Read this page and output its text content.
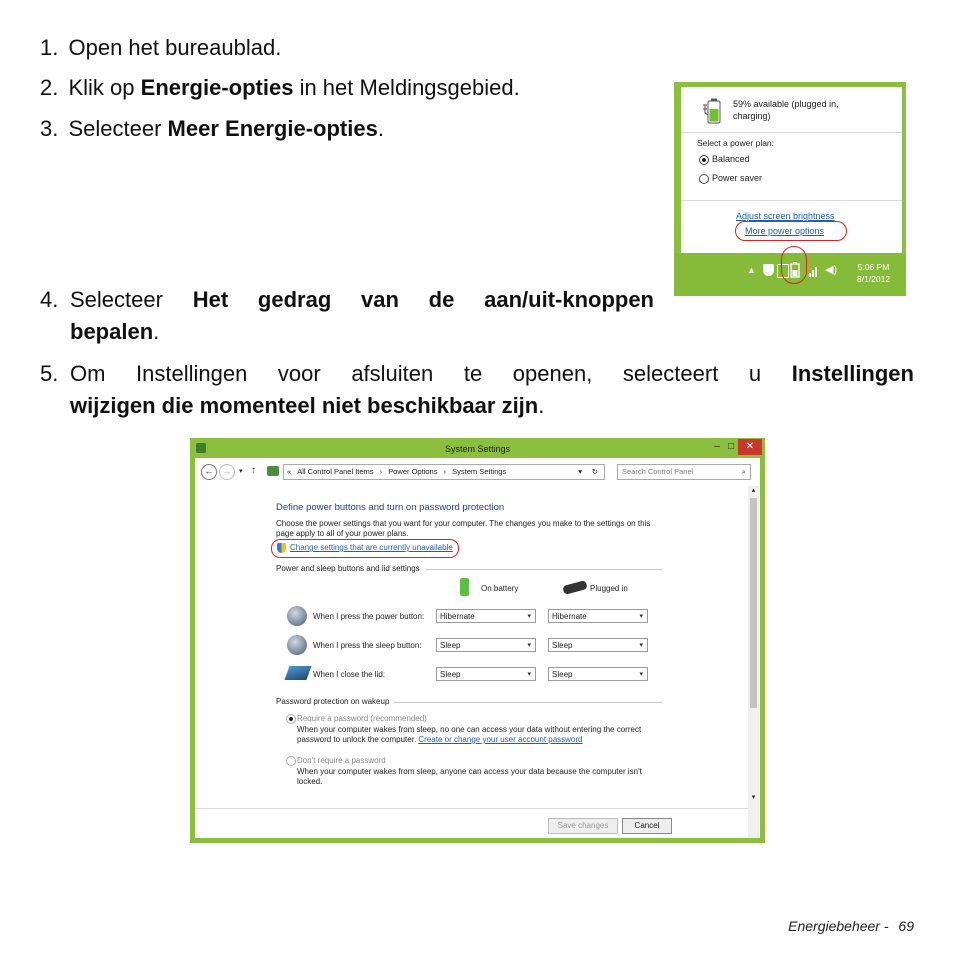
1. Open het bureaublad.
2. Klik op Energie-opties in het Meldingsgebied.
3. Selecteer Meer Energie-opties.
4. Selecteer Het gedrag van de aan/uit-knoppen
bepalen.
5. Om Instellingen voor afsluiten te openen, selecteert u Instellingen
wijzigen die momenteel niet beschikbaar zijn.
59% available (plugged in,
charging)
Select a power plan:
Balanced
Power saver
Adjust screen brightness
More power options
▲	◀) 5:06 PM
8/1/2012
System Settings	– □	✕
←	→	▾ ↑	« All Control Panel Items › Power Options › System Settings	▾ ↻	Search Control Panel	⌕
▴
▾
Define power buttons and turn on password protection
Choose the power settings that you want for your computer. The changes you make to the settings on this
page apply to all of your power plans.
Change settings that are currently unavailable
Power and sleep buttons and lid settings
On battery	Plugged in
When I press the power button:	Hibernate	▾	Hibernate	▾
When I press the sleep button:	Sleep	▾	Sleep	▾
When I close the lid:	Sleep	▾	Sleep	▾
Password protection on wakeup
Require a password (recommended)
When your computer wakes from sleep, no one can access your data without entering the correct
password to unlock the computer. Create or change your user account password
Don't require a password
When your computer wakes from sleep, anyone can access your data because the computer isn't
locked.
Save changes	Cancel
Energiebeheer - 69
